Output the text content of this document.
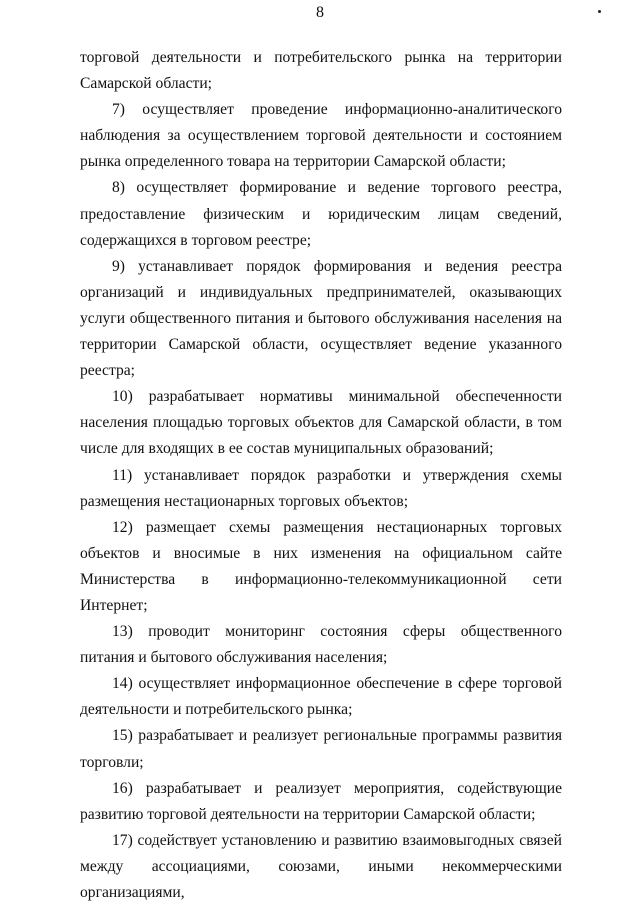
8

торговой деятельности и потребительского рынка на территории Самарской области;

7) осуществляет проведение информационно-аналитического наблюдения за осуществлением торговой деятельности и состоянием рынка определенного товара на территории Самарской области;

8) осуществляет формирование и ведение торгового реестра, предоставление физическим и юридическим лицам сведений, содержащихся в торговом реестре;

9) устанавливает порядок формирования и ведения реестра организаций и индивидуальных предпринимателей, оказывающих услуги общественного питания и бытового обслуживания населения на территории Самарской области, осуществляет ведение указанного реестра;

10) разрабатывает нормативы минимальной обеспеченности населения площадью торговых объектов для Самарской области, в том числе для входящих в ее состав муниципальных образований;

11) устанавливает порядок разработки и утверждения схемы размещения нестационарных торговых объектов;

12) размещает схемы размещения нестационарных торговых объектов и вносимые в них изменения на официальном сайте Министерства в информационно-телекоммуникационной сети Интернет;

13) проводит мониторинг состояния сферы общественного питания и бытового обслуживания населения;

14) осуществляет информационное обеспечение в сфере торговой деятельности и потребительского рынка;

15) разрабатывает и реализует региональные программы развития торговли;

16) разрабатывает и реализует мероприятия, содействующие развитию торговой деятельности на территории Самарской области;

17) содействует установлению и развитию взаимовыгодных связей между ассоциациями, союзами, иными некоммерческими организациями,
